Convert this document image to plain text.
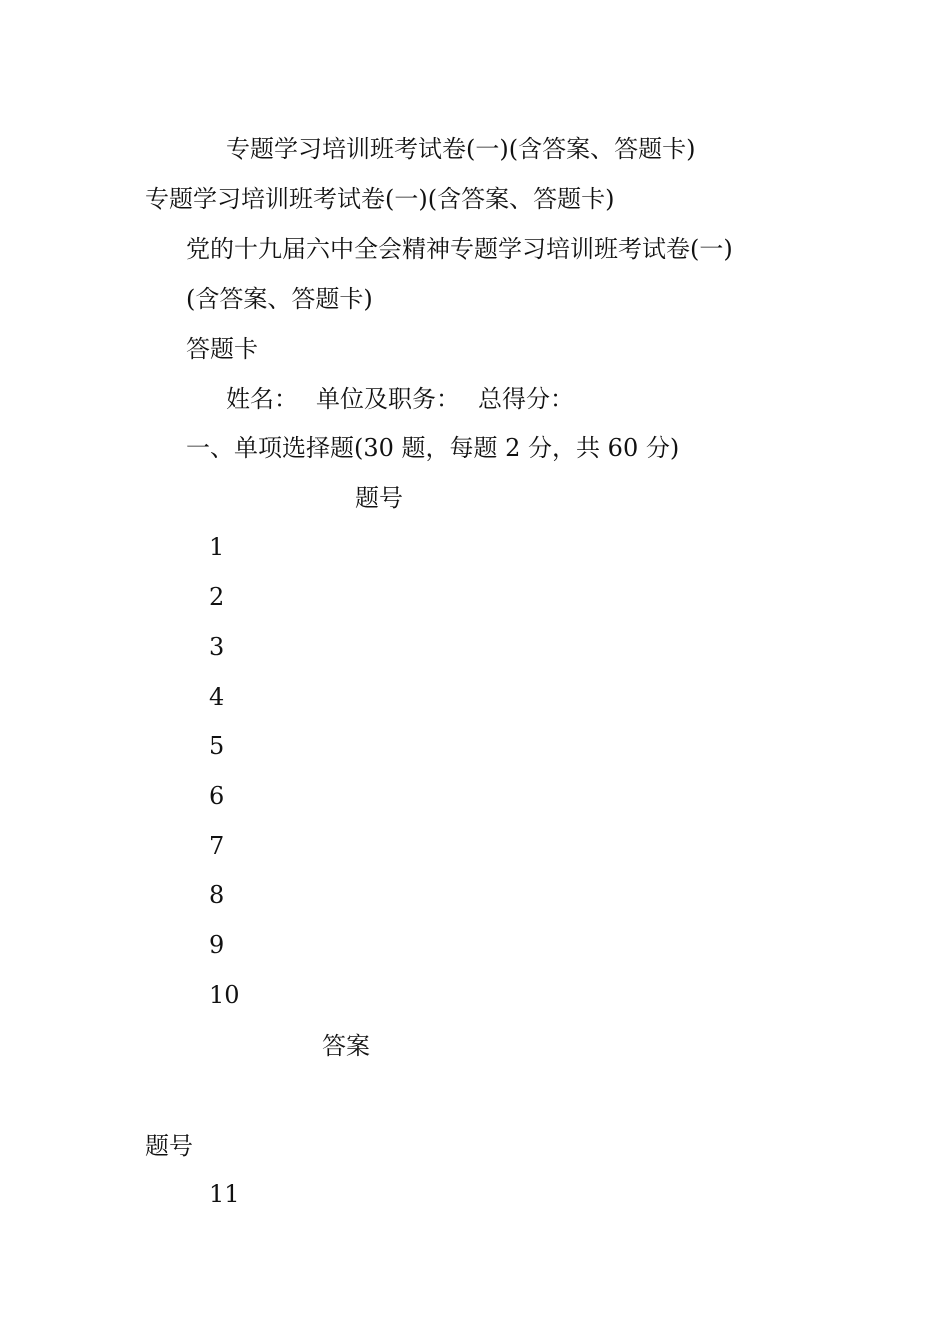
专题学习培训班考试卷(一)(含答案、答题卡)
专题学习培训班考试卷(一)(含答案、答题卡)
党的十九届六中全会精神专题学习培训班考试卷(一)
(含答案、答题卡)
答题卡
姓名： 单位及职务： 总得分：
一、单项选择题(30 题，每题 2 分，共 60 分)
题号
1
2
3
4
5
6
7
8
9
10
答案
题号
11
